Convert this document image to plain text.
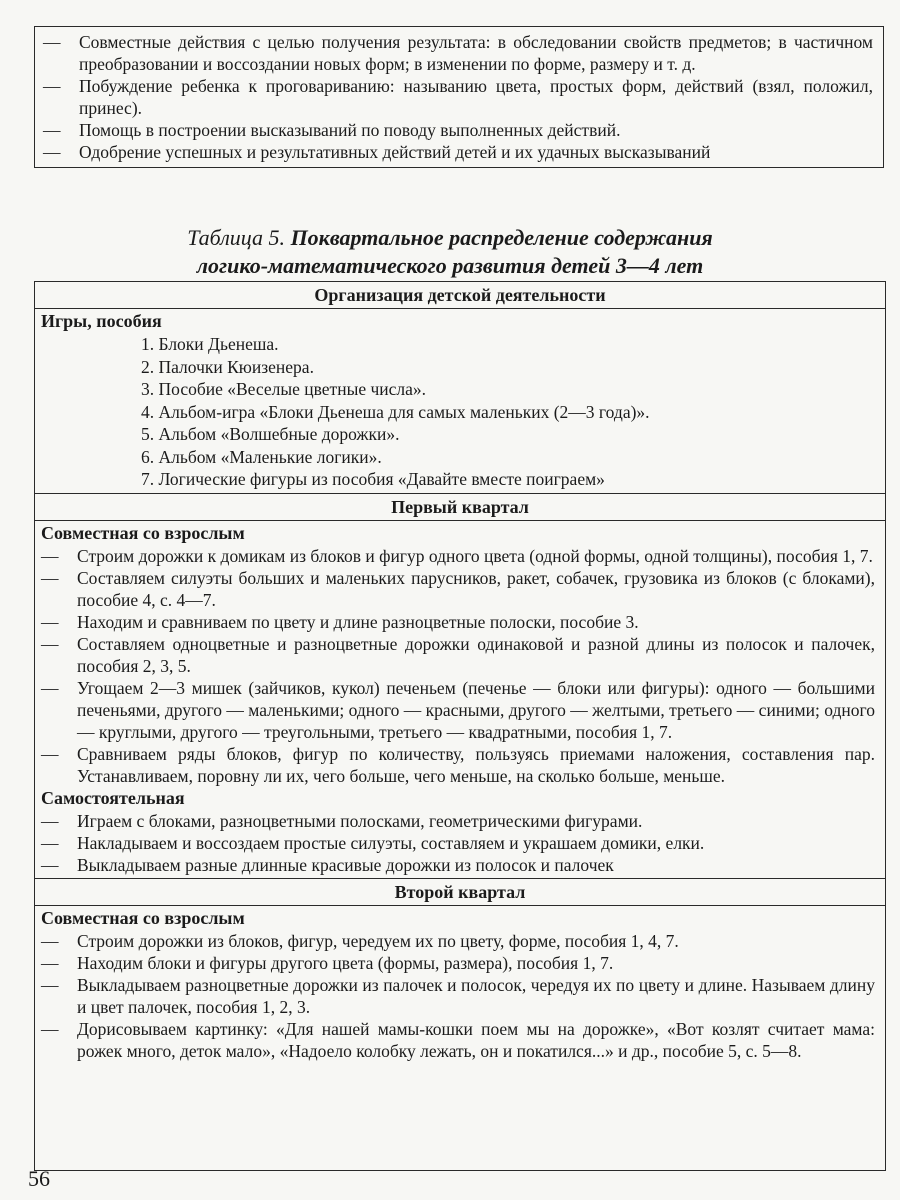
—	Совместные действия с целью получения результата: в обследовании свойств предметов; в частичном преобразовании и воссоздании новых форм; в изменении по форме, размеру и т. д.
—	Побуждение ребенка к проговариванию: называнию цвета, простых форм, действий (взял, положил, принес).
—	Помощь в построении высказываний по поводу выполненных действий.
—	Одобрение успешных и результативных действий детей и их удачных высказываний
Таблица 5. Поквартальное распределение содержания
логико-математического развития детей 3—4 лет
Организация детской деятельности
Игры, пособия
1. Блоки Дьенеша.
2. Палочки Кюизенера.
3. Пособие «Веселые цветные числа».
4. Альбом-игра «Блоки Дьенеша для самых маленьких (2—3 года)».
5. Альбом «Волшебные дорожки».
6. Альбом «Маленькие логики».
7. Логические фигуры из пособия «Давайте вместе поиграем»
Первый квартал
Совместная со взрослым
—	Строим дорожки к домикам из блоков и фигур одного цвета (одной формы, одной толщины), пособия 1, 7.
—	Составляем силуэты больших и маленьких парусников, ракет, собачек, грузовика из блоков (с блоками), пособие 4, с. 4—7.
—	Находим и сравниваем по цвету и длине разноцветные полоски, пособие 3.
—	Составляем одноцветные и разноцветные дорожки одинаковой и разной длины из полосок и палочек, пособия 2, 3, 5.
—	Угощаем 2—3 мишек (зайчиков, кукол) печеньем (печенье — блоки или фигуры): одного — большими печеньями, другого — маленькими; одного — красными, другого — желтыми, третьего — синими; одного — круглыми, другого — треугольными, третьего — квадратными, пособия 1, 7.
—	Сравниваем ряды блоков, фигур по количеству, пользуясь приемами наложения, составления пар. Устанавливаем, поровну ли их, чего больше, чего меньше, на сколько больше, меньше.
Самостоятельная
—	Играем с блоками, разноцветными полосками, геометрическими фигурами.
—	Накладываем и воссоздаем простые силуэты, составляем и украшаем домики, елки.
—	Выкладываем разные длинные красивые дорожки из полосок и палочек
Второй квартал
Совместная со взрослым
—	Строим дорожки из блоков, фигур, чередуем их по цвету, форме, пособия 1, 4, 7.
—	Находим блоки и фигуры другого цвета (формы, размера), пособия 1, 7.
—	Выкладываем разноцветные дорожки из палочек и полосок, чередуя их по цвету и длине. Называем длину и цвет палочек, пособия 1, 2, 3.
—	Дорисовываем картинку: «Для нашей мамы-кошки поем мы на дорожке», «Вот козлят считает мама: рожек много, деток мало», «Надоело колобку лежать, он и покатился...» и др., пособие 5, с. 5—8.
56
